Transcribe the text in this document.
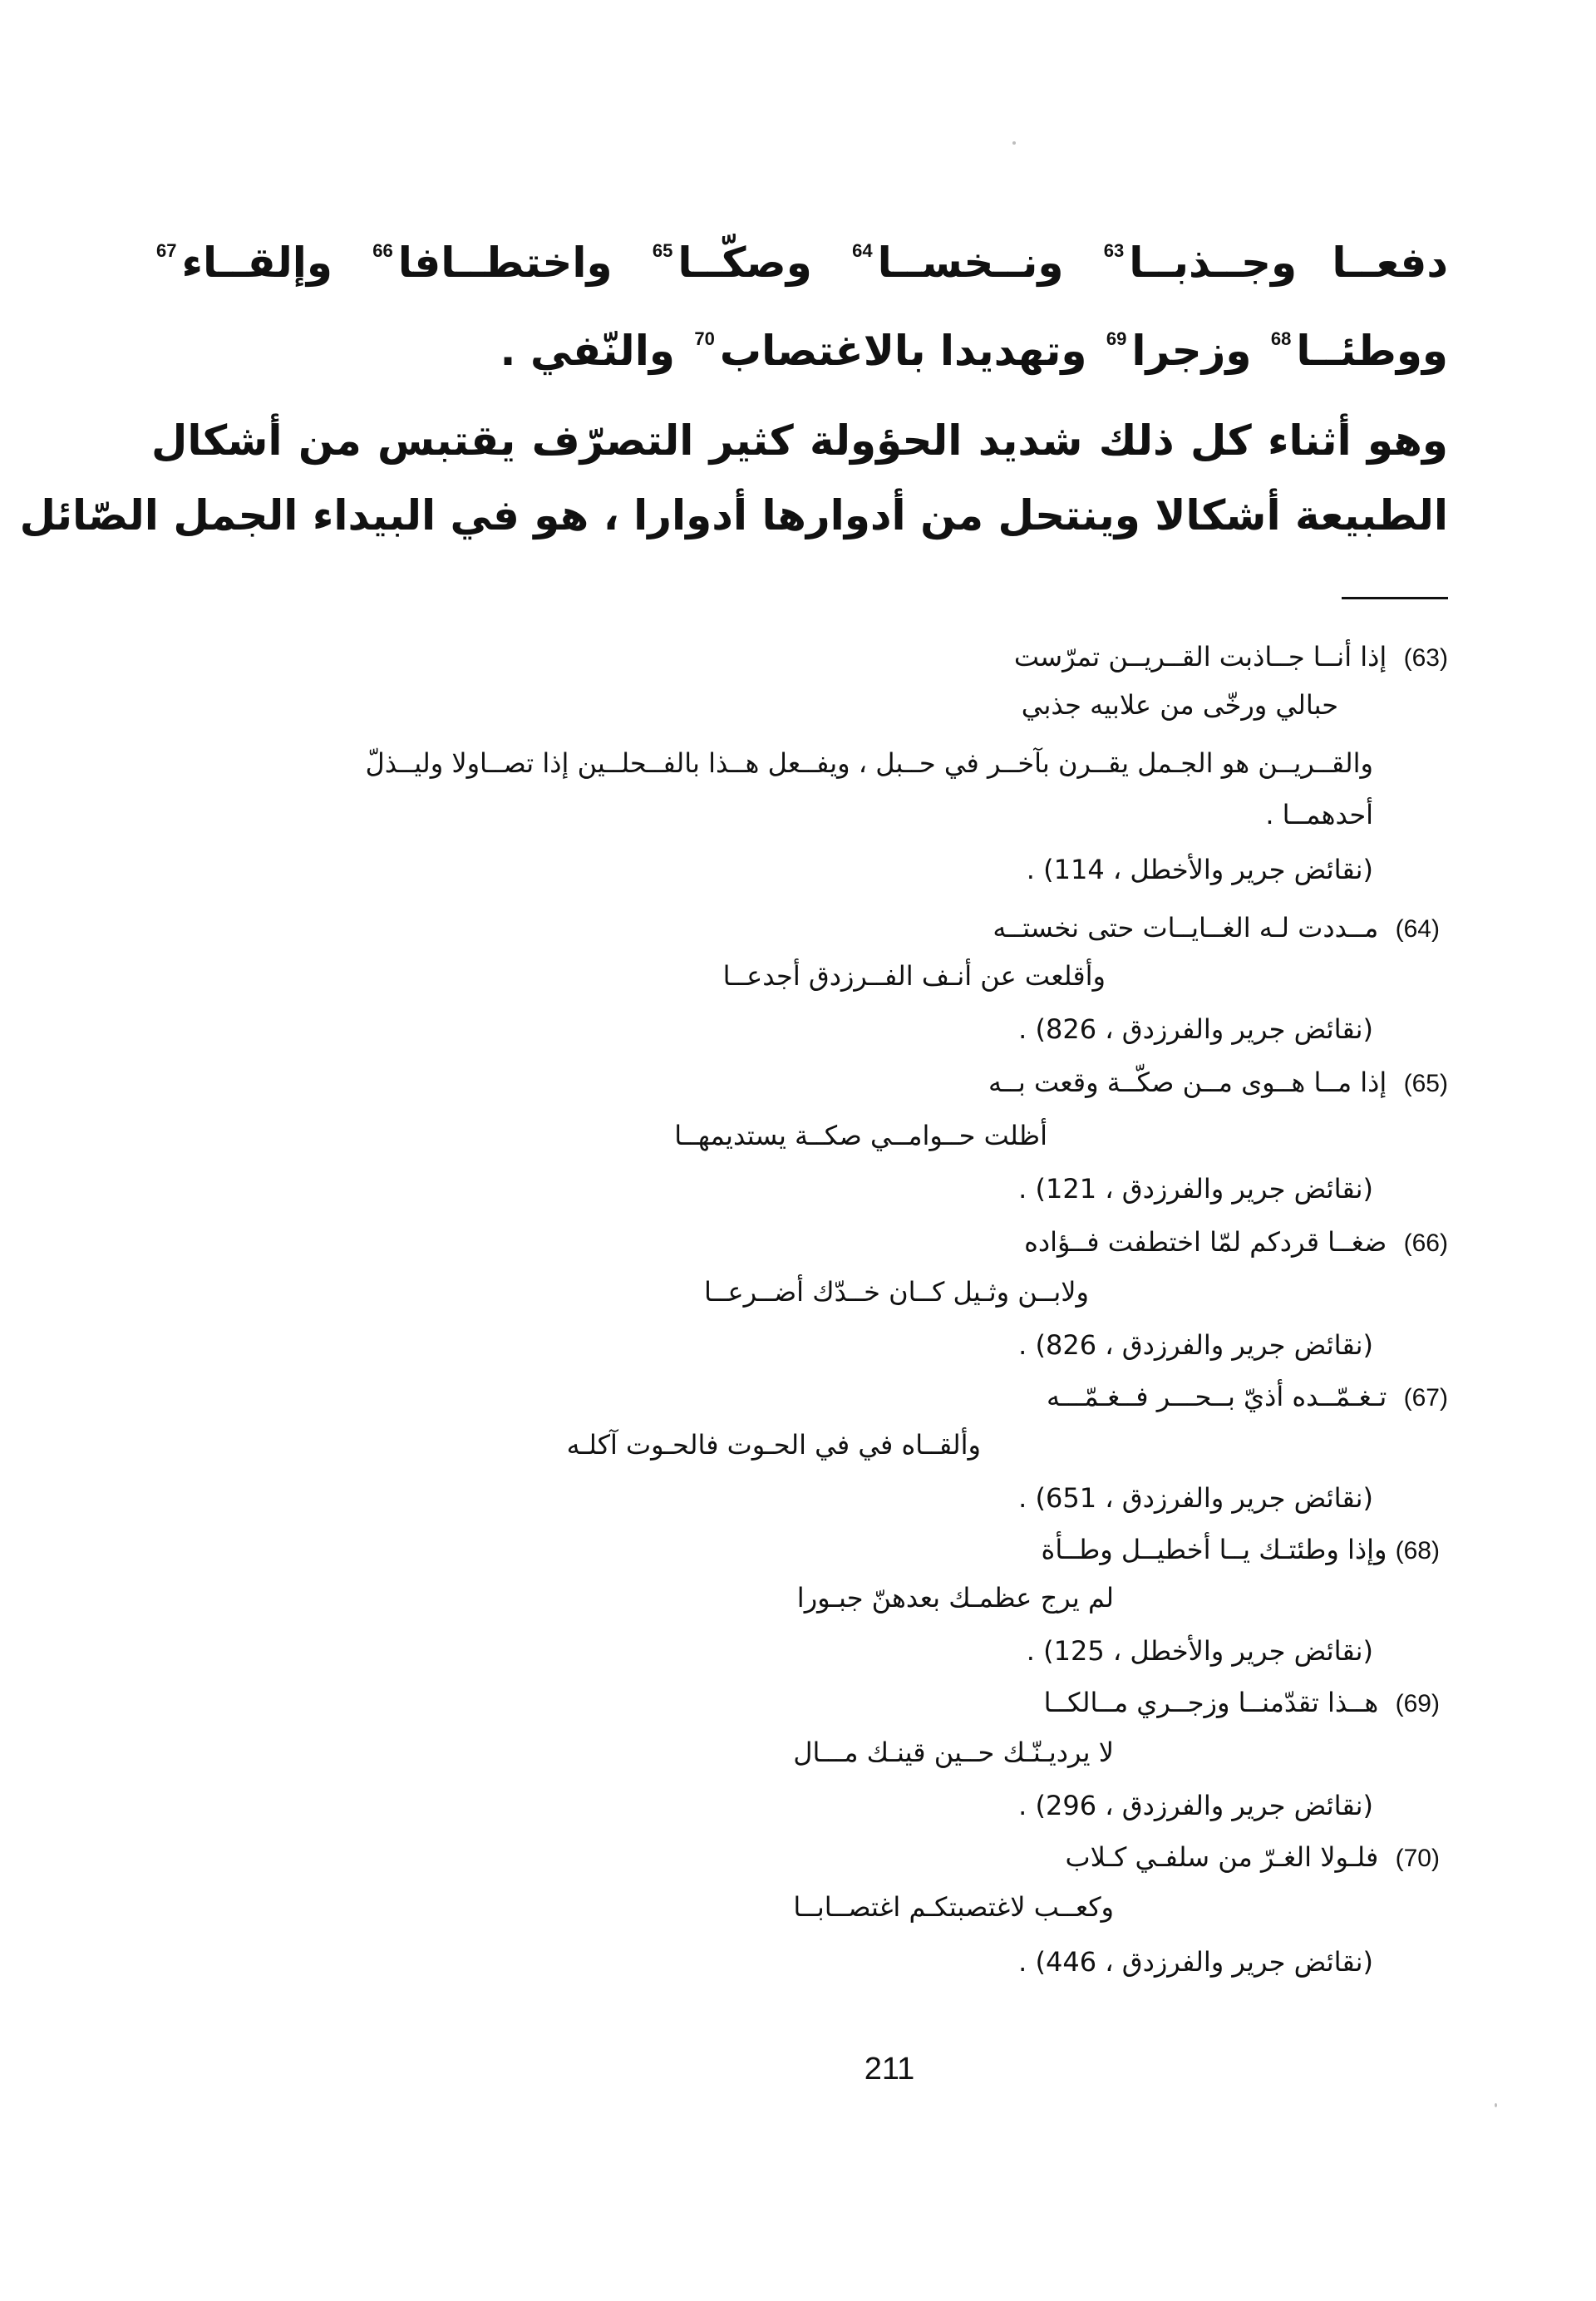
دفعــا وجــذبــا$^{63}$ ونــخســا$^{64}$ وصكّــا$^{65}$ واختطــافا$^{66}$ وإلقــاء$^{67}$
ووطئــا$^{68}$ وزجرا$^{69}$ وتهديدا بالاغتصاب$^{70}$ والنّفي .
وهو أثناء كل ذلك شديد الحؤولة كثير التصرّف يقتبس من أشكال
الطبيعة أشكالا وينتحل من أدوارها أدوارا ، هو في البيداء الجمل الصّائل
(63)  إذا أنــا جــاذبت القــريــن تمرّست
حبالي ورخّى من علابيه جذبي
والقــريــن هو الجـمل يقــرن بآخــر في حــبل ، ويفــعل هــذا بالفــحلــين إذا تصــاولا وليــذلّ
أحدهمــا .
(نقائض جرير والأخطل ، 114) .
(64)  مــددت لـه الغــايــات حتى نخستــه
وأقلعت عن أنـف الفــرزدق أجدعــا
(نقائض جرير والفرزدق ، 826) .
(65)  إذا مــا هــوى مــن صكّــة وقعت بــه
أظلت حــوامــي صكــة يستديمهــا
(نقائض جرير والفرزدق ، 121) .
(66)  ضغــا قردكم لمّا اختطفت فــؤاده
ولابــن وثـيل كــان خــدّك أضــرعــا
(نقائض جرير والفرزدق ، 826) .
(67)  تـغـمّــده أذيّ بــحـــر فــغـمّـــه
وألقــاه في في الحـوت فالحـوت آكلـه
(نقائض جرير والفرزدق ، 651) .
(68) وإذا وطئتـك يــا أخطيــل وطــأة
لم يرج عظمـك بعدهنّ جبـورا
(نقائض جرير والأخطل ، 125) .
(69)  هــذا تقدّمنــا وزجــري مــالكــا
لا يرديـنّـك حــين قينـك مـــال
(نقائض جرير والفرزدق ، 296) .
(70)  فلـولا الغـرّ من سلفـي كـلاب
وكعــب لاغتصبتكـم اغتصــابــا
(نقائض جرير والفرزدق ، 446) .
211
